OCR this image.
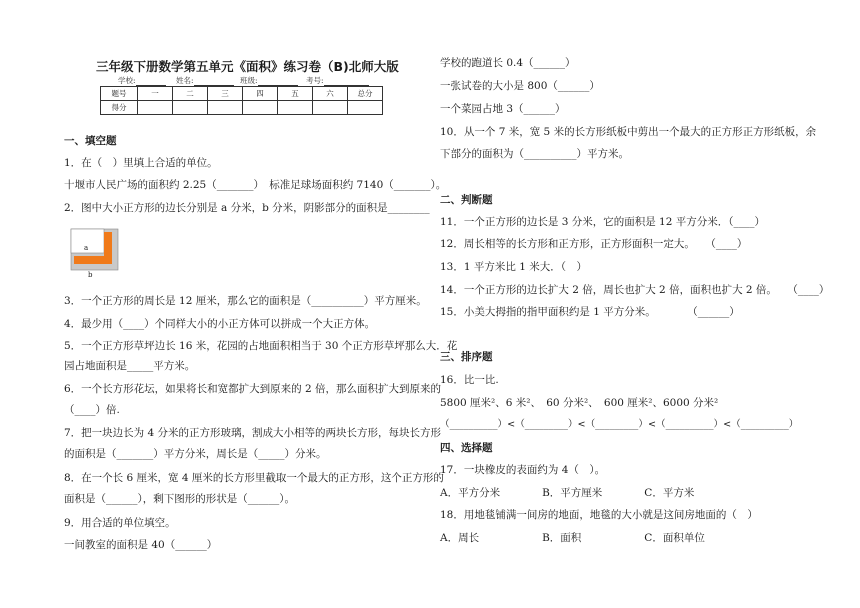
三年级下册数学第五单元《面积》练习卷（B)北师大版
学校:	姓名:	班级:	考号:
题号	一	二	三	四	五	六	总分
得分							
一、填空题
1．在（　）里填上合适的单位。
十堰市人民广场的面积约 2.25（_______）　标准足球场面积约 7140（_______）。
2．图中大小正方形的边长分别是 a 分米，b 分米，阴影部分的面积是________
a
b
3．一个正方形的周长是 12 厘米，那么它的面积是（__________）平方厘米。
4．最少用（____）个同样大小的小正方体可以拼成一个大正方体。
5．一个正方形草坪边长 16 米，花园的占地面积相当于 30 个正方形草坪那么大．花
园占地面积是_____平方米。
6．一个长方形花坛，如果将长和宽都扩大到原来的 2 倍，那么面积扩大到原来的
（____）倍.
7．把一块边长为 4 分米的正方形玻璃，割成大小相等的两块长方形，每块长方形
的面积是（_______）平方分米，周长是（_____）分米。
8．在一个长 6 厘米，宽 4 厘米的长方形里截取一个最大的正方形，这个正方形的
面积是（______），剩下图形的形状是（______）。
9．用合适的单位填空。
一间教室的面积是 40（______）
学校的跑道长 0.4（______）
一张试卷的大小是 800（______）
一个菜园占地 3（______）
10．从一个 7 米，宽 5 米的长方形纸板中剪出一个最大的正方形正方形纸板，余
下部分的面积为（__________）平方米。
二、判断题
11．一个正方形的边长是 3 分米，它的面积是 12 平方分米．（____）
12．周长相等的长方形和正方形，正方形面积一定大。　　（____）
13．1 平方米比 1 米大．（　）
14．一个正方形的边长扩大 2 倍，周长也扩大 2 倍，面积也扩大 2 倍。　　（____）
15．小美大拇指的指甲面积约是 1 平方分米。　　　　（______）
三、排序题
16．比一比.
5800 厘米²、6 米²、　60 分米²、　600 厘米²、6000 分米²
（__________）<（_________）<（_________）<（__________）<（__________）
四、选择题
17．一块橡皮的表面约为 4（　）。
A．平方分米　　　　B．平方厘米　　　　C．平方米
18．用地毯铺满一间房的地面，地毯的大小就是这间房地面的（　）
A．周长　　　　　　B．面积　　　　　　C．面积单位
